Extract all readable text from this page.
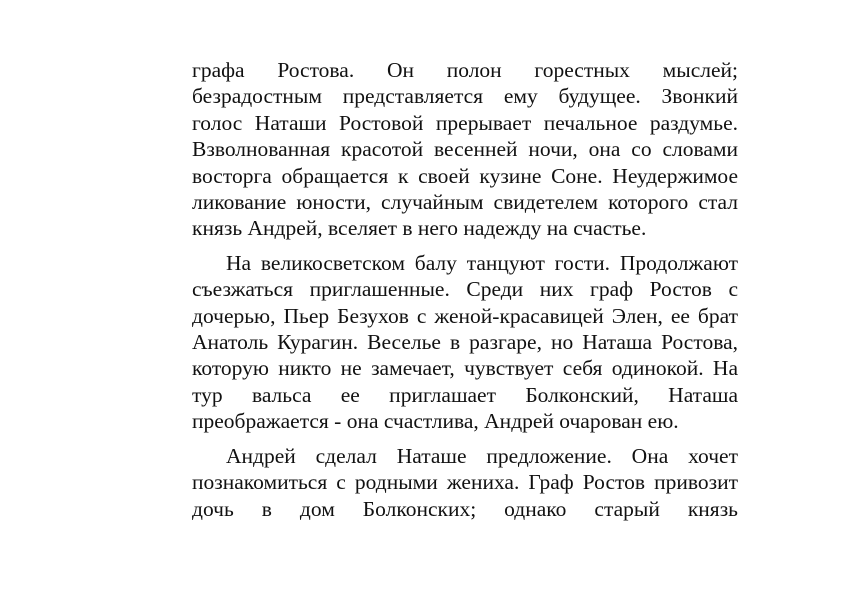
графа Ростова. Он полон горестных мыслей;
безрадостным представляется ему будущее. Звонкий
голос Наташи Ростовой прерывает печальное раздумье.
Взволнованная красотой весенней ночи, она со словами
восторга обращается к своей кузине Соне. Неудержимое
ликование юности, случайным свидетелем которого стал
князь Андрей, вселяет в него надежду на счастье.

На великосветском балу танцуют гости. Продолжают
съезжаться приглашенные. Среди них граф Ростов с
дочерью, Пьер Безухов с женой-красавицей Элен, ее брат
Анатоль Курагин. Веселье в разгаре, но Наташа Ростова,
которую никто не замечает, чувствует себя одинокой. На
тур вальса ее приглашает Болконский, Наташа
преображается - она счастлива, Андрей очарован ею.

Андрей сделал Наташе предложение. Она хочет
познакомиться с родными жениха. Граф Ростов привозит
дочь в дом Болконских; однако старый князь
